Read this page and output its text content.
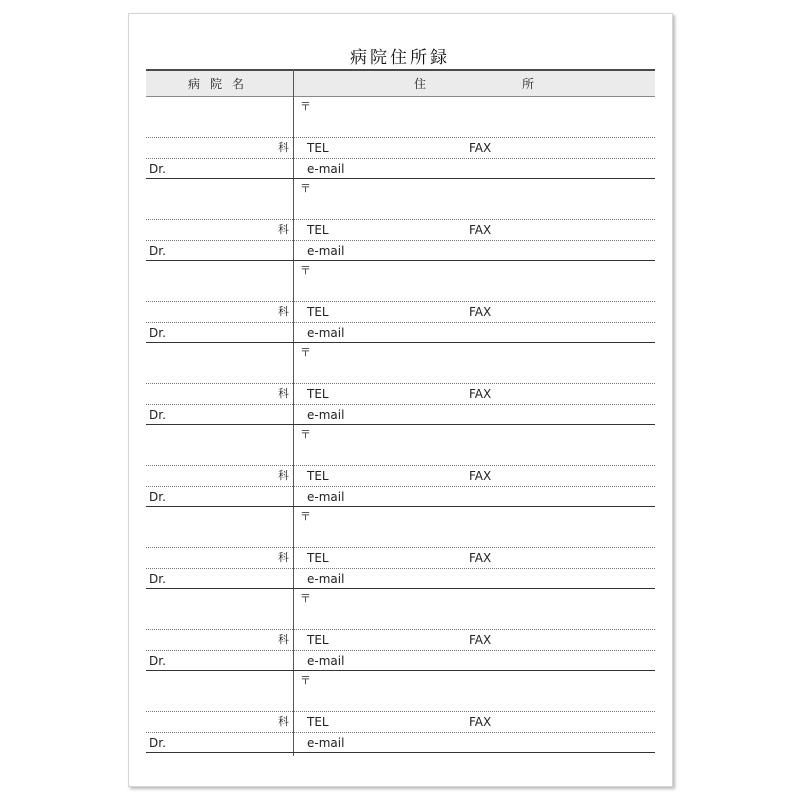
病院住所録
病院名	住	所
〒
科 TEL	FAX
Dr.	e-mail
〒
科 TEL	FAX
Dr.	e-mail
〒
科 TEL	FAX
Dr.	e-mail
〒
科 TEL	FAX
Dr.	e-mail
〒
科 TEL	FAX
Dr.	e-mail
〒
科 TEL	FAX
Dr.	e-mail
〒
科 TEL	FAX
Dr.	e-mail
〒
科 TEL	FAX
Dr.	e-mail
